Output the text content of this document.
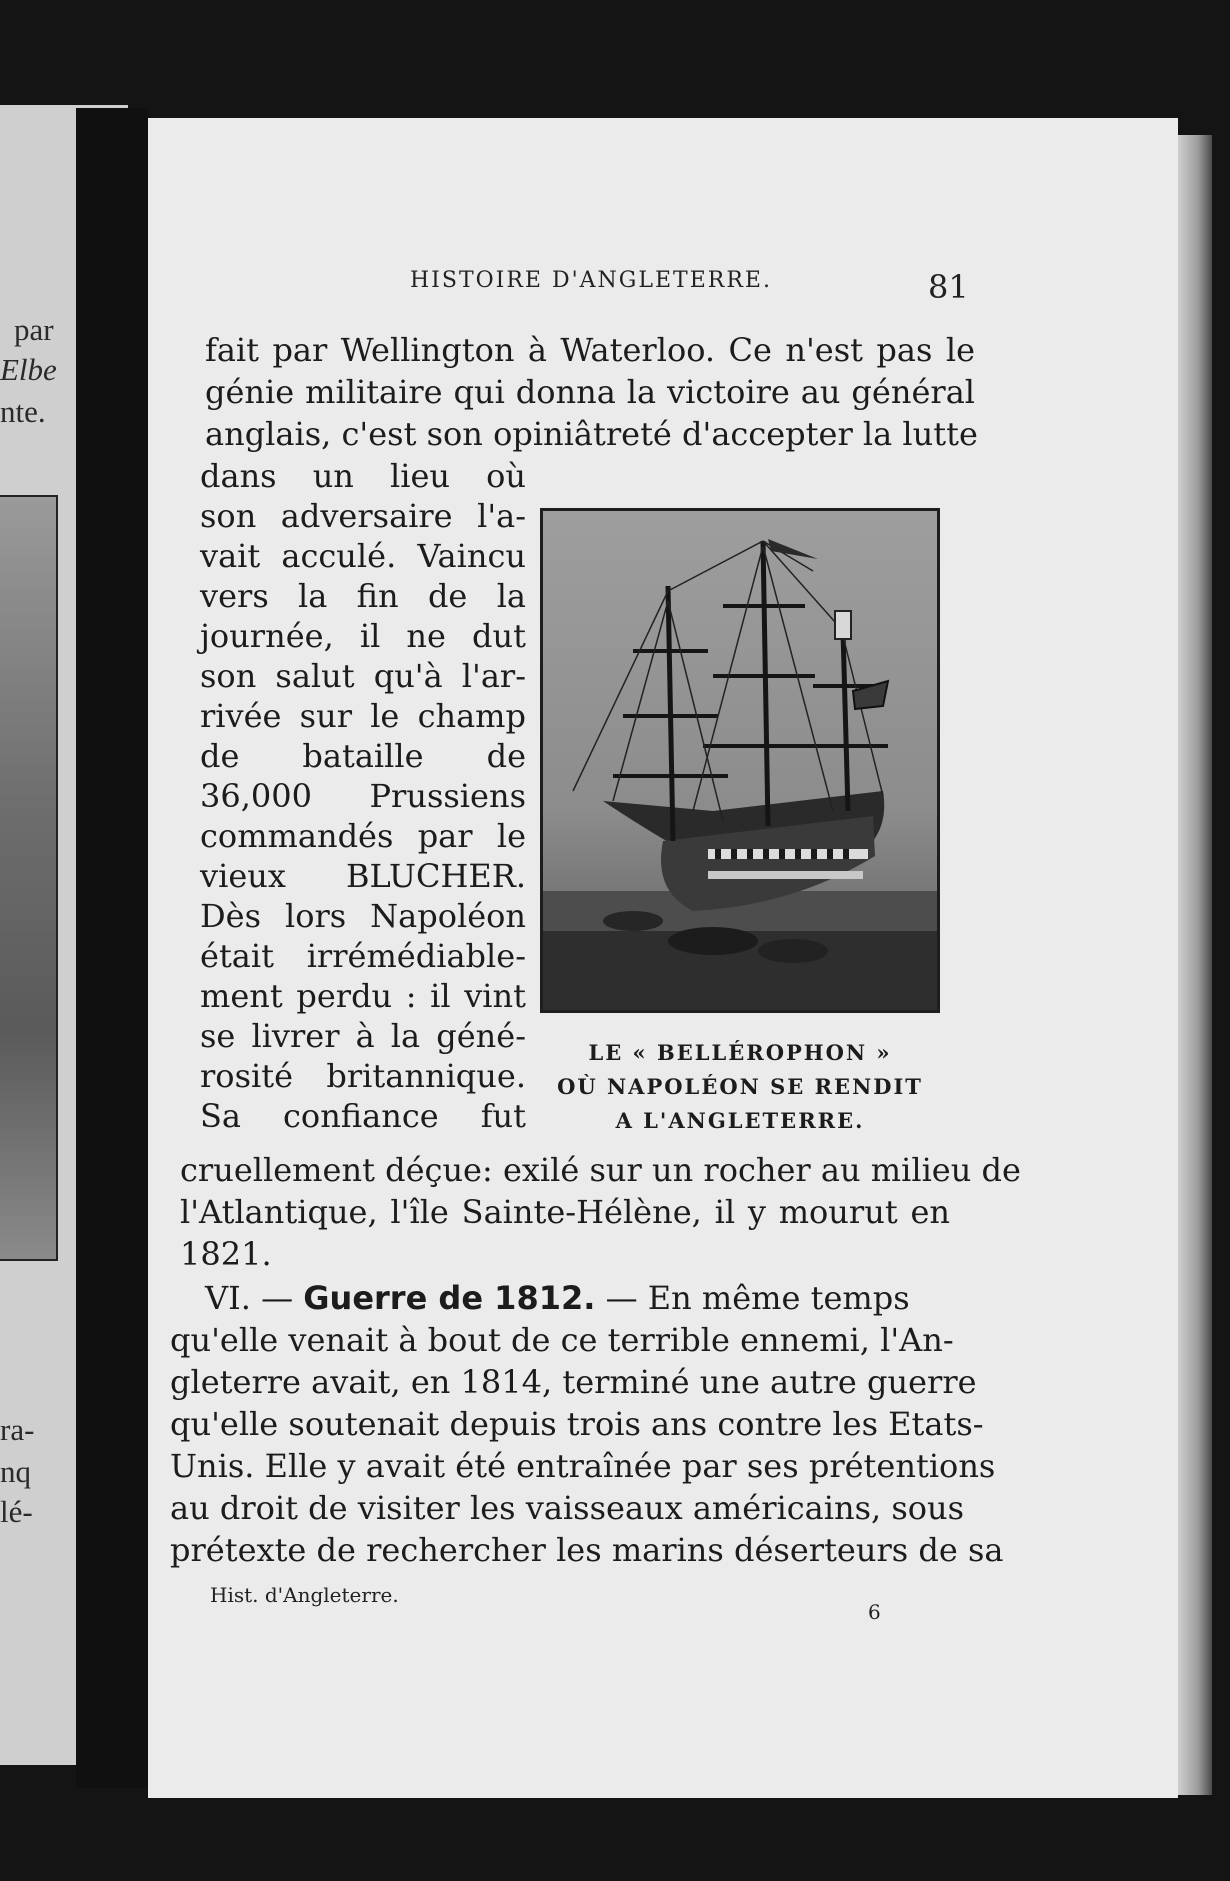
par
Elbe
nte.
ra-
nq
lé-
HISTOIRE D'ANGLETERRE.	81
fait par Wellington à Waterloo. Ce n'est pas le
génie militaire qui donna la victoire au général
anglais, c'est son opiniâtreté d'accepter la lutte
dans un lieu où
son adversaire l'a-
vait acculé. Vaincu
vers la fin de la
journée, il ne dut
son salut qu'à l'ar-
rivée sur le champ
de bataille de
36,000 Prussiens
commandés par le
vieux BLUCHER.
Dès lors Napoléon
était irrémédiable-
ment perdu : il vint
se livrer à la géné-
rosité britannique.
Sa confiance fut
LE « BELLÉROPHON »
OÙ NAPOLÉON SE RENDIT
A L'ANGLETERRE.
cruellement déçue: exilé sur un rocher au milieu de
l'Atlantique, l'île Sainte-Hélène, il y mourut en
1821.
VI. — Guerre de 1812. — En même temps
qu'elle venait à bout de ce terrible ennemi, l'An-
gleterre avait, en 1814, terminé une autre guerre
qu'elle soutenait depuis trois ans contre les Etats-
Unis. Elle y avait été entraînée par ses prétentions
au droit de visiter les vaisseaux américains, sous
prétexte de rechercher les marins déserteurs de sa
Hist. d'Angleterre.
6
